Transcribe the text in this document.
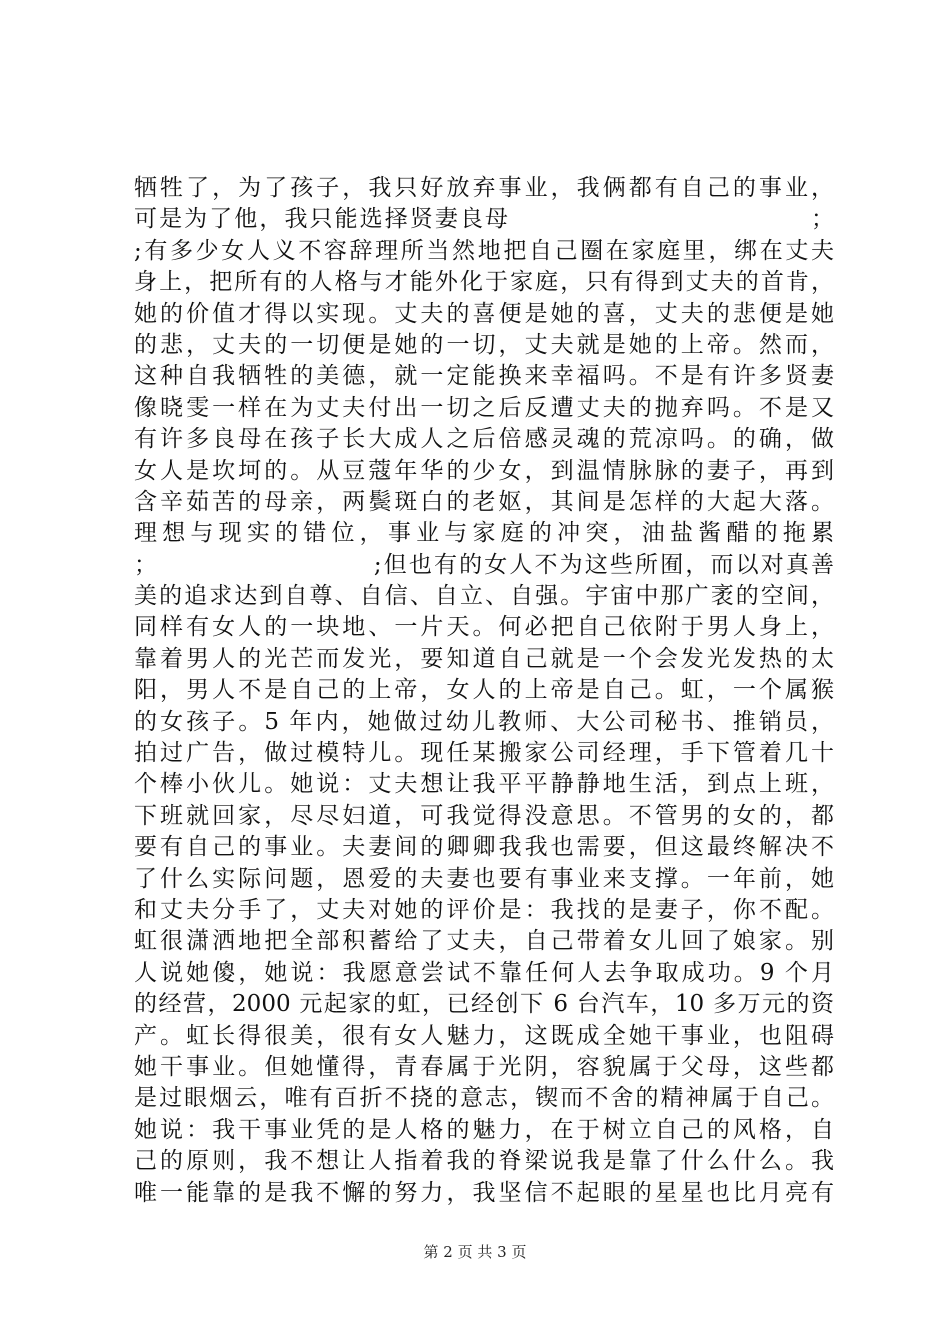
牺牲了，为了孩子，我只好放弃事业，我俩都有自己的事业，
可是为了他，我只能选择贤妻良母　　　　　　　　　　　　；
;有多少女人义不容辞理所当然地把自己圈在家庭里，绑在丈夫
身上，把所有的人格与才能外化于家庭，只有得到丈夫的首肯，
她的价值才得以实现。丈夫的喜便是她的喜，丈夫的悲便是她
的悲，丈夫的一切便是她的一切，丈夫就是她的上帝。然而，
这种自我牺牲的美德，就一定能换来幸福吗。不是有许多贤妻
像晓雯一样在为丈夫付出一切之后反遭丈夫的抛弃吗。不是又
有许多良母在孩子长大成人之后倍感灵魂的荒凉吗。的确，做
女人是坎坷的。从豆蔻年华的少女，到温情脉脉的妻子，再到
含辛茹苦的母亲，两鬓斑白的老妪，其间是怎样的大起大落。
理想与现实的错位，事业与家庭的冲突，油盐酱醋的拖累
；　　　　　　　　　;但也有的女人不为这些所囿，而以对真善
美的追求达到自尊、自信、自立、自强。宇宙中那广袤的空间，
同样有女人的一块地、一片天。何必把自己依附于男人身上，
靠着男人的光芒而发光，要知道自己就是一个会发光发热的太
阳，男人不是自己的上帝，女人的上帝是自己。虹，一个属猴
的女孩子。5 年内，她做过幼儿教师、大公司秘书、推销员，
拍过广告，做过模特儿。现任某搬家公司经理，手下管着几十
个棒小伙儿。她说：丈夫想让我平平静静地生活，到点上班，
下班就回家，尽尽妇道，可我觉得没意思。不管男的女的，都
要有自己的事业。夫妻间的卿卿我我也需要，但这最终解决不
了什么实际问题，恩爱的夫妻也要有事业来支撑。一年前，她
和丈夫分手了，丈夫对她的评价是：我找的是妻子，你不配。
虹很潇洒地把全部积蓄给了丈夫，自己带着女儿回了娘家。别
人说她傻，她说：我愿意尝试不靠任何人去争取成功。9 个月
的经营，2000 元起家的虹，已经创下 6 台汽车，10 多万元的资
产。虹长得很美，很有女人魅力，这既成全她干事业，也阻碍
她干事业。但她懂得，青春属于光阴，容貌属于父母，这些都
是过眼烟云，唯有百折不挠的意志，锲而不舍的精神属于自己。
她说：我干事业凭的是人格的魅力，在于树立自己的风格，自
己的原则，我不想让人指着我的脊梁说我是靠了什么什么。我
唯一能靠的是我不懈的努力，我坚信不起眼的星星也比月亮有
第 2 页 共 3 页
